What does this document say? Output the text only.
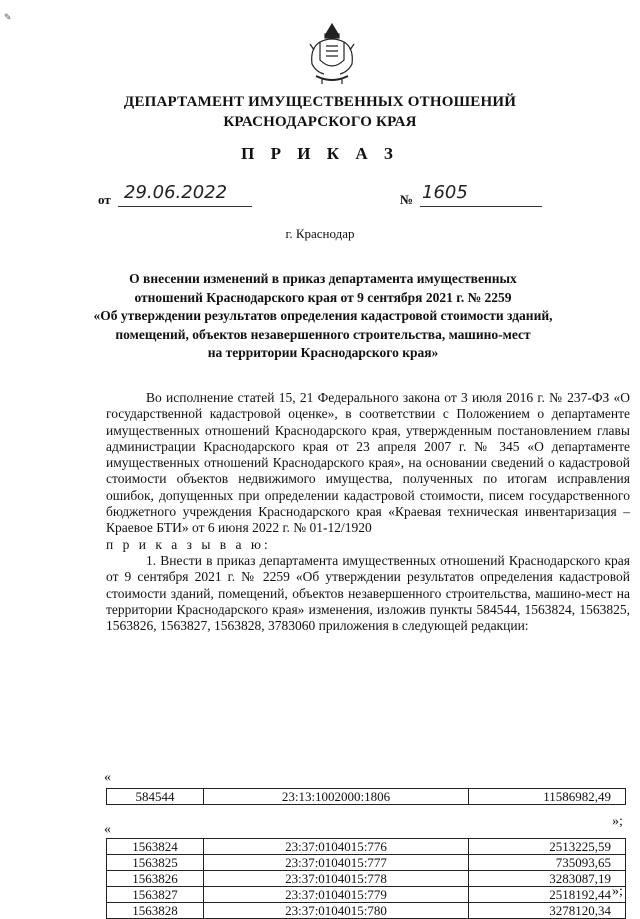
✎
ДЕПАРТАМЕНТ ИМУЩЕСТВЕННЫХ ОТНОШЕНИЙ
КРАСНОДАРСКОГО КРАЯ
П Р И К А З
от 29.06.2022	№ 1605
г. Краснодар
О внесении изменений в приказ департамента имущественных
отношений Краснодарского края от 9 сентября 2021 г. № 2259
«Об утверждении результатов определения кадастровой стоимости зданий,
помещений, объектов незавершенного строительства, машино-мест
на территории Краснодарского края»

Во исполнение статей 15, 21 Федерального закона от 3 июля 2016 г. № 237-ФЗ «О государственной кадастровой оценке», в соответствии с Положением о департаменте имущественных отношений Краснодарского края, утвержденным постановлением главы администрации Краснодарского края от 23 апреля 2007 г. № 345 «О департаменте имущественных отношений Краснодарского края», на основании сведений о кадастровой стоимости объектов недвижимого имущества, полученных по итогам исправления ошибок, допущенных при определении кадастровой стоимости, писем государственного бюджетного учреждения Краснодарского края «Краевая техническая инвентаризация – Краевое БТИ» от 6 июня 2022 г. № 01-12/1920

п р и к а з ы в а ю:

1. Внести в приказ департамента имущественных отношений Краснодарского края от 9 сентября 2021 г. № 2259 «Об утверждении результатов определения кадастровой стоимости зданий, помещений, объектов незавершенного строительства, машино-мест на территории Краснодарского края» изменения, изложив пункты 584544, 1563824, 1563825, 1563826, 1563827, 1563828, 3783060 приложения в следующей редакции:

«
584544	23:13:1002000:1806	11586982,49
»;
«
1563824	23:37:0104015:776	2513225,59
1563825	23:37:0104015:777	735093,65
1563826	23:37:0104015:778	3283087,19
1563827	23:37:0104015:779	2518192,44
1563828	23:37:0104015:780	3278120,34
»;
